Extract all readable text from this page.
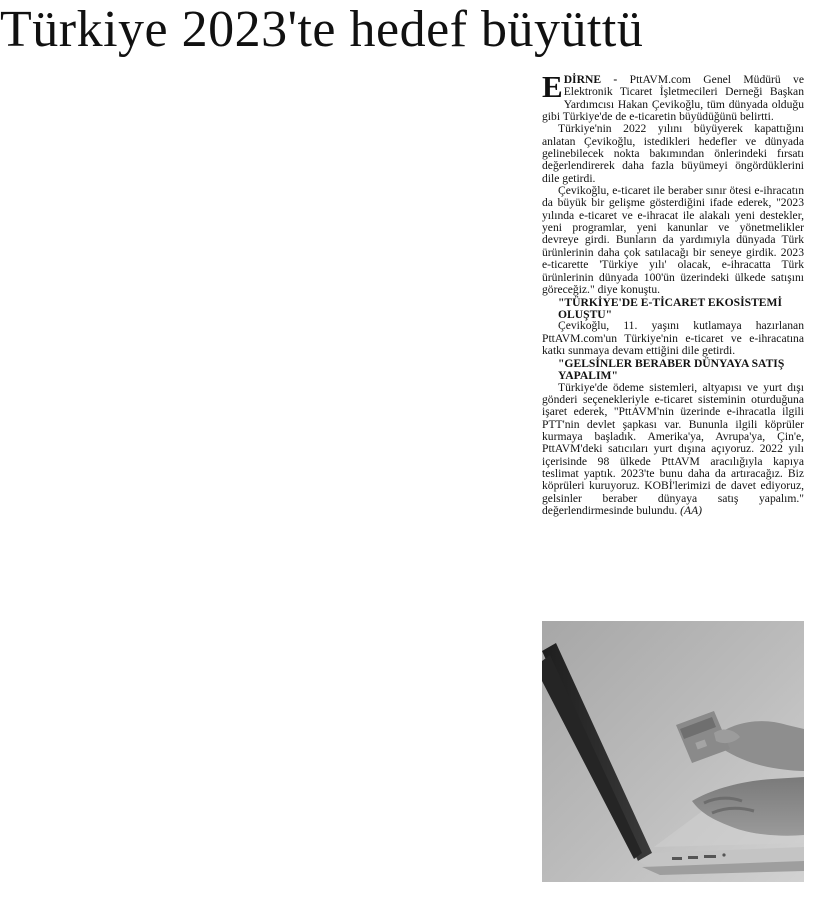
Türkiye 2023'te hedef büyüttü

EDİRNE - PttAVM.com Genel Müdürü ve Elektronik Ticaret İşletmecileri Derneği Başkan Yardımcısı Hakan Çevikoğlu, tüm dünyada olduğu gibi Türkiye'de de e-ticaretin büyüdüğünü belirtti.

Türkiye'nin 2022 yılını büyüyerek kapattığını anlatan Çevikoğlu, istedikleri hedefler ve dünyada gelinebilecek nokta bakımından önlerindeki fırsatı değerlendirerek daha fazla büyümeyi öngördüklerini dile getirdi.

Çevikoğlu, e-ticaret ile beraber sınır ötesi e-ihracatın da büyük bir gelişme gösterdiğini ifade ederek, "2023 yılında e-ticaret ve e-ihracat ile alakalı yeni destekler, yeni programlar, yeni kanunlar ve yönetmelikler devreye girdi. Bunların da yardımıyla dünyada Türk ürünlerinin daha çok satılacağı bir seneye girdik. 2023 e-ticarette 'Türkiye yılı' olacak, e-ihracatta Türk ürünlerinin dünyada 100'ün üzerindeki ülkede satışını göreceğiz." diye konuştu.

"TÜRKİYE'DE E-TİCARET EKOSİSTEMİ OLUŞTU"

Çevikoğlu, 11. yaşını kutlamaya hazırlanan PttAVM.com'un Türkiye'nin e-ticaret ve e-ihracatına katkı sunmaya devam ettiğini dile getirdi.

"GELSİNLER BERABER DÜNYAYA SATIŞ YAPALIM"

Türkiye'de ödeme sistemleri, altyapısı ve yurt dışı gönderi seçenekleriyle e-ticaret sisteminin oturduğuna işaret ederek, "PttAVM'nin üzerinde e-ihracatla ilgili PTT'nin devlet şapkası var. Bununla ilgili köprüler kurmaya başladık. Amerika'ya, Avrupa'ya, Çin'e, PttAVM'deki satıcıları yurt dışına açıyoruz. 2022 yılı içerisinde 98 ülkede PttAVM aracılığıyla kapıya teslimat yaptık. 2023'te bunu daha da artıracağız. Biz köprüleri kuruyoruz. KOBİ'lerimizi de davet ediyoruz, gelsinler beraber dünyaya satış yapalım." değerlendirmesinde bulundu. (AA)
